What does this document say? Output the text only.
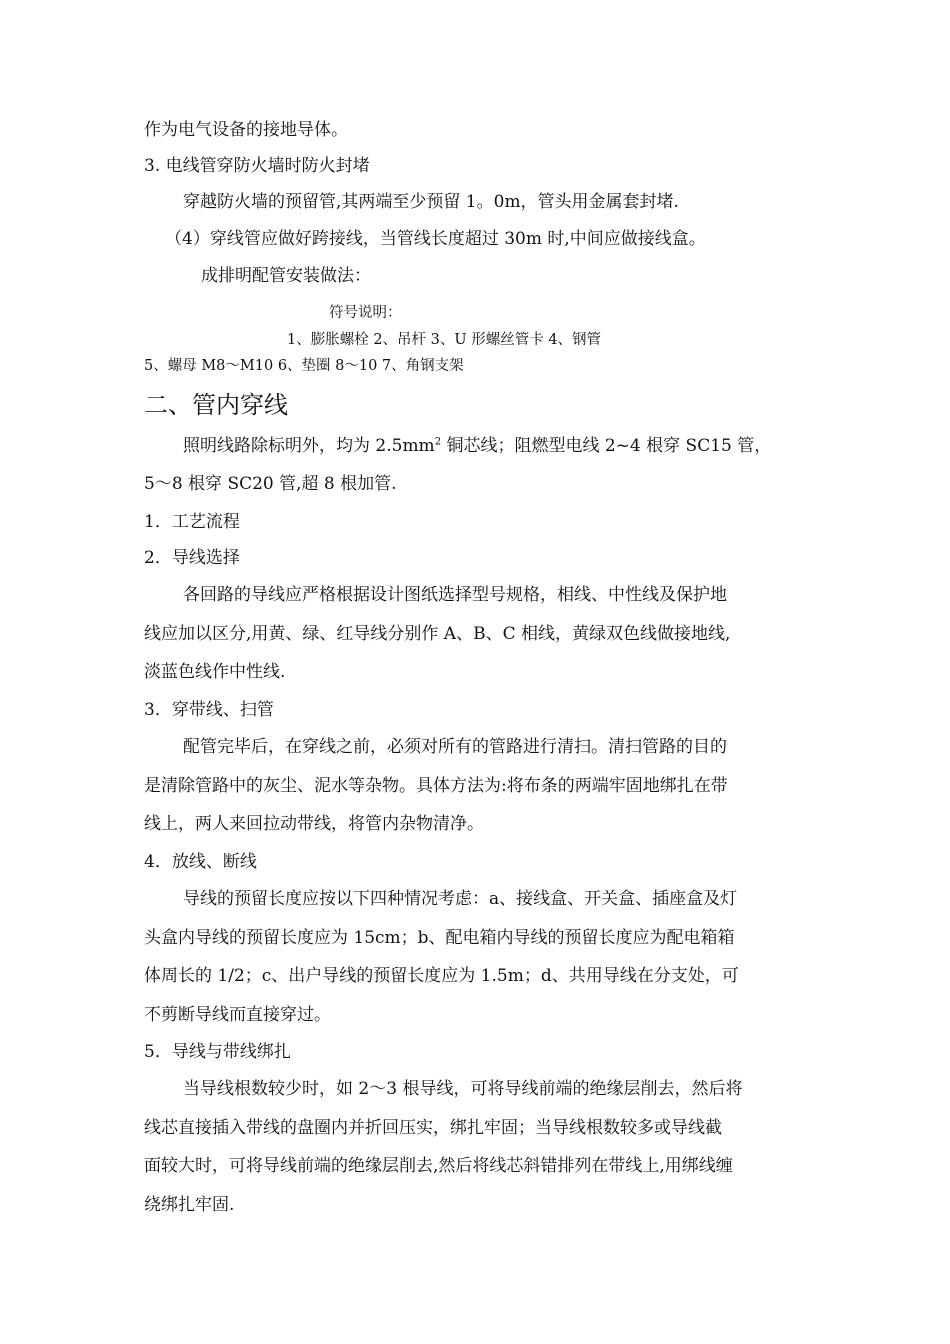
作为电气设备的接地导体。
3. 电线管穿防火墙时防火封堵
穿越防火墙的预留管,其两端至少预留 1。0m，管头用金属套封堵.
（4）穿线管应做好跨接线，当管线长度超过 30m 时,中间应做接线盒。
成排明配管安装做法：
符号说明：
1、膨胀螺栓 2、吊杆 3、U 形螺丝管卡 4、钢管
5、螺母 M8～M10 6、垫圈 8～10 7、角钢支架
二、管内穿线
照明线路除标明外，均为 $2.5mm^2$ 铜芯线；阻燃型电线 2~4 根穿 SC15 管，
5～8 根穿 SC20 管,超 8 根加管.
1．工艺流程
2．导线选择
各回路的导线应严格根据设计图纸选择型号规格，相线、中性线及保护地
线应加以区分,用黄、绿、红导线分别作 A、B、C 相线，黄绿双色线做接地线,
淡蓝色线作中性线.
3．穿带线、扫管
配管完毕后，在穿线之前，必须对所有的管路进行清扫。清扫管路的目的
是清除管路中的灰尘、泥水等杂物。具体方法为:将布条的两端牢固地绑扎在带
线上，两人来回拉动带线，将管内杂物清净。
4．放线、断线
导线的预留长度应按以下四种情况考虑：a、接线盒、开关盒、插座盒及灯
头盒内导线的预留长度应为 15cm；b、配电箱内导线的预留长度应为配电箱箱
体周长的 1/2；c、出户导线的预留长度应为 1.5m；d、共用导线在分支处，可
不剪断导线而直接穿过。
5．导线与带线绑扎
当导线根数较少时，如 2～3 根导线，可将导线前端的绝缘层削去，然后将
线芯直接插入带线的盘圈内并折回压实，绑扎牢固；当导线根数较多或导线截
面较大时，可将导线前端的绝缘层削去,然后将线芯斜错排列在带线上,用绑线缠
绕绑扎牢固.
